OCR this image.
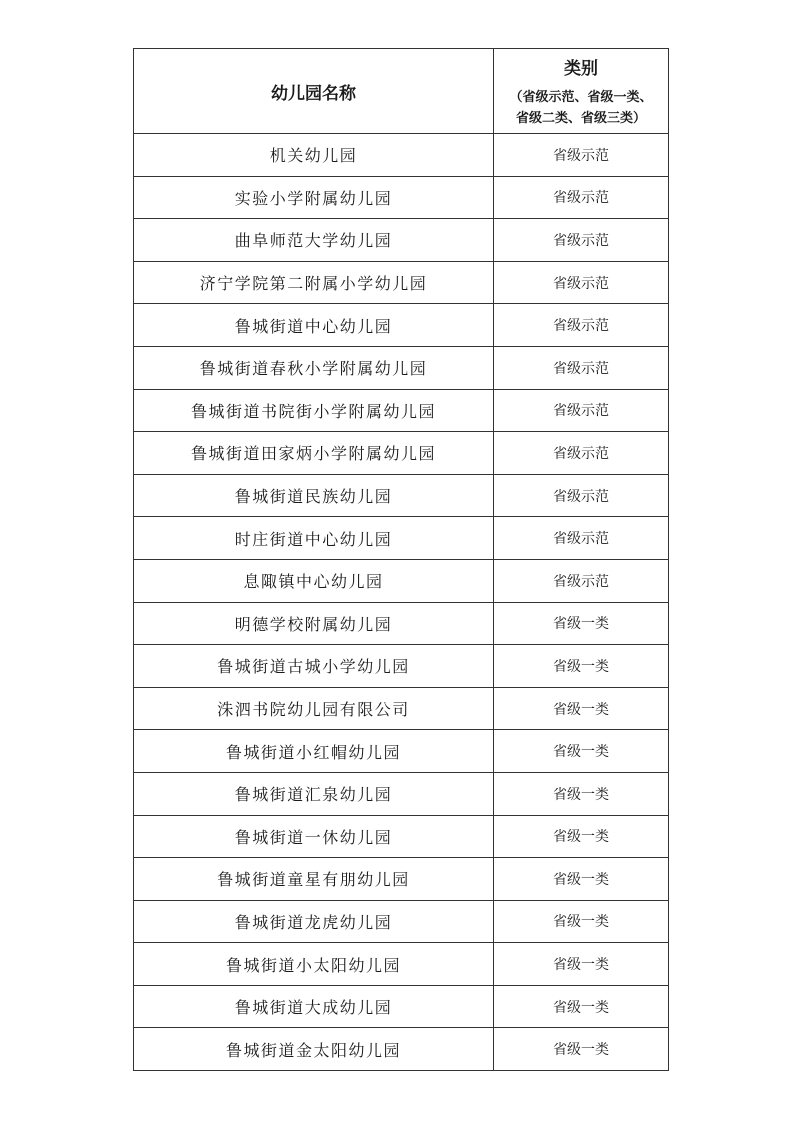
幼儿园名称	类别
（省级示范、省级一类、
省级二类、省级三类）

机关幼儿园	省级示范
实验小学附属幼儿园	省级示范
曲阜师范大学幼儿园	省级示范
济宁学院第二附属小学幼儿园	省级示范
鲁城街道中心幼儿园	省级示范
鲁城街道春秋小学附属幼儿园	省级示范
鲁城街道书院街小学附属幼儿园	省级示范
鲁城街道田家炳小学附属幼儿园	省级示范
鲁城街道民族幼儿园	省级示范
时庄街道中心幼儿园	省级示范
息陬镇中心幼儿园	省级示范
明德学校附属幼儿园	省级一类
鲁城街道古城小学幼儿园	省级一类
洙泗书院幼儿园有限公司	省级一类
鲁城街道小红帽幼儿园	省级一类
鲁城街道汇泉幼儿园	省级一类
鲁城街道一休幼儿园	省级一类
鲁城街道童星有朋幼儿园	省级一类
鲁城街道龙虎幼儿园	省级一类
鲁城街道小太阳幼儿园	省级一类
鲁城街道大成幼儿园	省级一类
鲁城街道金太阳幼儿园	省级一类
